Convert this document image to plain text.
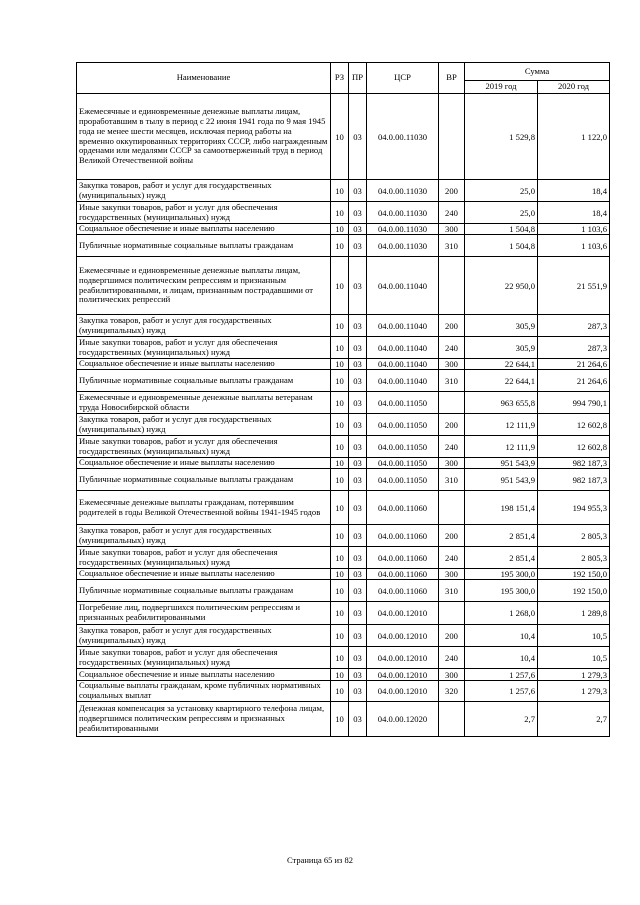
Наименование	РЗ	ПР	ЦСР	ВР	Сумма	
					2019 год	2020 год
Ежемесячные и единовременные денежные выплаты лицам, проработавшим в тылу в период с 22 июня 1941 года по 9 мая 1945 года не менее шести месяцев, исключая период работы на временно оккупированных территориях СССР, либо награжденным орденами или медалями СССР за самоотверженный труд в период Великой Отечественной войны	10	03	04.0.00.11030		1 529,8	1 122,0
Закупка товаров, работ и услуг для государственных (муниципальных) нужд	10	03	04.0.00.11030	200	25,0	18,4
Иные закупки товаров, работ и услуг для обеспечения государственных (муниципальных) нужд	10	03	04.0.00.11030	240	25,0	18,4
Социальное обеспечение и иные выплаты населению	10	03	04.0.00.11030	300	1 504,8	1 103,6
Публичные нормативные социальные выплаты гражданам	10	03	04.0.00.11030	310	1 504,8	1 103,6
Ежемесячные и единовременные денежные выплаты лицам, подвергшимся политическим репрессиям и признанным реабилитированными, и лицам, признанным пострадавшими от политических репрессий	10	03	04.0.00.11040		22 950,0	21 551,9
Закупка товаров, работ и услуг для государственных (муниципальных) нужд	10	03	04.0.00.11040	200	305,9	287,3
Иные закупки товаров, работ и услуг для обеспечения государственных (муниципальных) нужд	10	03	04.0.00.11040	240	305,9	287,3
Социальное обеспечение и иные выплаты населению	10	03	04.0.00.11040	300	22 644,1	21 264,6
Публичные нормативные социальные выплаты гражданам	10	03	04.0.00.11040	310	22 644,1	21 264,6
Ежемесячные и единовременные денежные выплаты ветеранам труда Новосибирской области	10	03	04.0.00.11050		963 655,8	994 790,1
Закупка товаров, работ и услуг для государственных (муниципальных) нужд	10	03	04.0.00.11050	200	12 111,9	12 602,8
Иные закупки товаров, работ и услуг для обеспечения государственных (муниципальных) нужд	10	03	04.0.00.11050	240	12 111,9	12 602,8
Социальное обеспечение и иные выплаты населению	10	03	04.0.00.11050	300	951 543,9	982 187,3
Публичные нормативные социальные выплаты гражданам	10	03	04.0.00.11050	310	951 543,9	982 187,3
Ежемесячные денежные выплаты гражданам, потерявшим родителей в годы Великой Отечественной войны 1941-1945 годов	10	03	04.0.00.11060		198 151,4	194 955,3
Закупка товаров, работ и услуг для государственных (муниципальных) нужд	10	03	04.0.00.11060	200	2 851,4	2 805,3
Иные закупки товаров, работ и услуг для обеспечения государственных (муниципальных) нужд	10	03	04.0.00.11060	240	2 851,4	2 805,3
Социальное обеспечение и иные выплаты населению	10	03	04.0.00.11060	300	195 300,0	192 150,0
Публичные нормативные социальные выплаты гражданам	10	03	04.0.00.11060	310	195 300,0	192 150,0
Погребение лиц, подвергшихся политическим репрессиям и признанных реабилитированными	10	03	04.0.00.12010		1 268,0	1 289,8
Закупка товаров, работ и услуг для государственных (муниципальных) нужд	10	03	04.0.00.12010	200	10,4	10,5
Иные закупки товаров, работ и услуг для обеспечения государственных (муниципальных) нужд	10	03	04.0.00.12010	240	10,4	10,5
Социальное обеспечение и иные выплаты населению	10	03	04.0.00.12010	300	1 257,6	1 279,3
Социальные выплаты гражданам, кроме публичных нормативных социальных выплат	10	03	04.0.00.12010	320	1 257,6	1 279,3
Денежная компенсация за установку квартирного телефона лицам, подвергшимся политическим репрессиям и признанных реабилитированными	10	03	04.0.00.12020		2,7	2,7
Страница 65 из 82
